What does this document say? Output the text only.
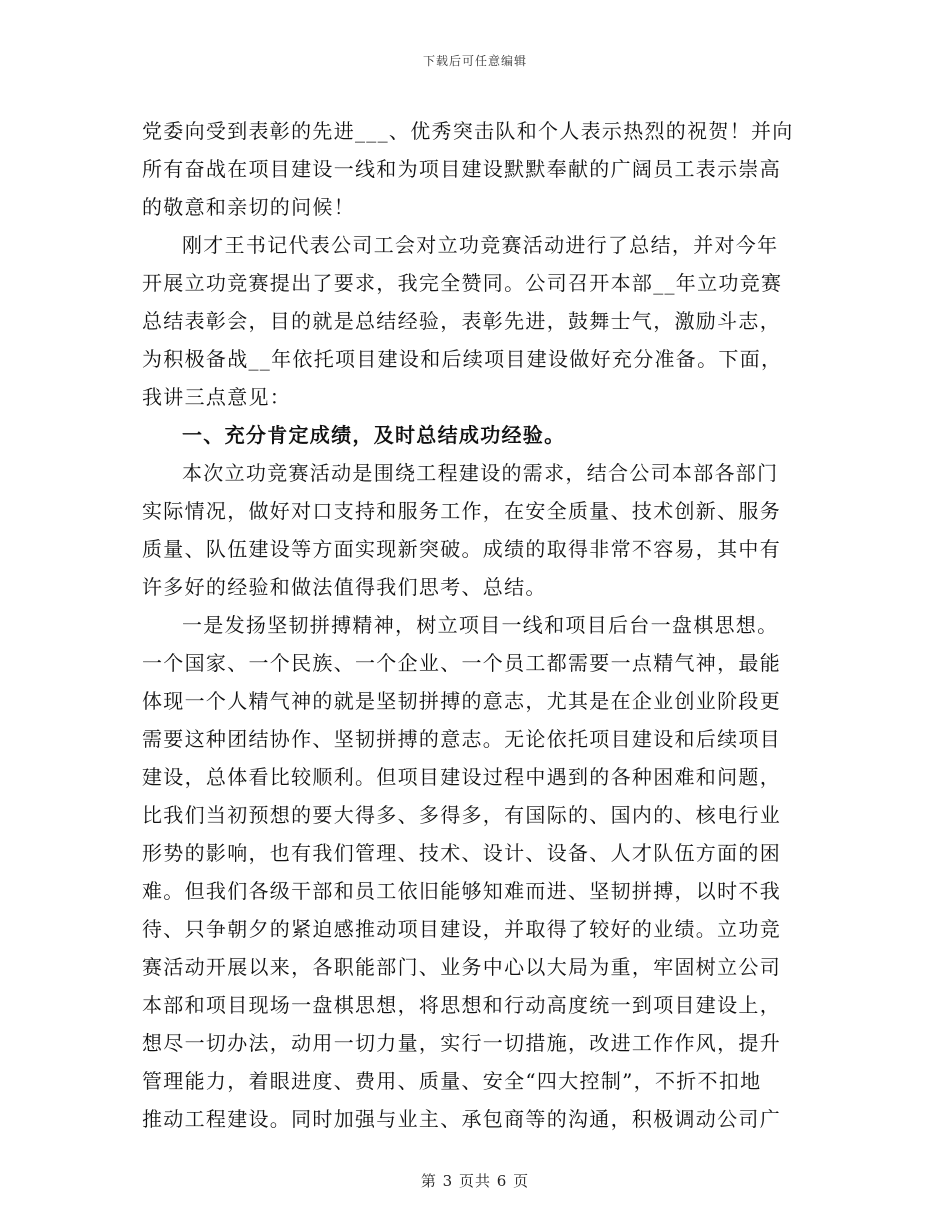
下载后可任意编辑
党委向受到表彰的先进___、优秀突击队和个人表示热烈的祝贺！并向
所有奋战在项目建设一线和为项目建设默默奉献的广阔员工表示崇高
的敬意和亲切的问候！
刚才王书记代表公司工会对立功竞赛活动进行了总结，并对今年
开展立功竞赛提出了要求，我完全赞同。公司召开本部__年立功竞赛
总结表彰会，目的就是总结经验，表彰先进，鼓舞士气，激励斗志，
为积极备战__年依托项目建设和后续项目建设做好充分准备。下面，
我讲三点意见：
一、充分肯定成绩，及时总结成功经验。
本次立功竞赛活动是围绕工程建设的需求，结合公司本部各部门
实际情况，做好对口支持和服务工作，在安全质量、技术创新、服务
质量、队伍建设等方面实现新突破。成绩的取得非常不容易，其中有
许多好的经验和做法值得我们思考、总结。
一是发扬坚韧拼搏精神，树立项目一线和项目后台一盘棋思想。
一个国家、一个民族、一个企业、一个员工都需要一点精气神，最能
体现一个人精气神的就是坚韧拼搏的意志，尤其是在企业创业阶段更
需要这种团结协作、坚韧拼搏的意志。无论依托项目建设和后续项目
建设，总体看比较顺利。但项目建设过程中遇到的各种困难和问题，
比我们当初预想的要大得多、多得多，有国际的、国内的、核电行业
形势的影响，也有我们管理、技术、设计、设备、人才队伍方面的困
难。但我们各级干部和员工依旧能够知难而进、坚韧拼搏，以时不我
待、只争朝夕的紧迫感推动项目建设，并取得了较好的业绩。立功竞
赛活动开展以来，各职能部门、业务中心以大局为重，牢固树立公司
本部和项目现场一盘棋思想，将思想和行动高度统一到项目建设上，
想尽一切办法，动用一切力量，实行一切措施，改进工作作风，提升
管理能力，着眼进度、费用、质量、安全“四大控制”，不折不扣地
推动工程建设。同时加强与业主、承包商等的沟通，积极调动公司广
第 3 页共 6 页
